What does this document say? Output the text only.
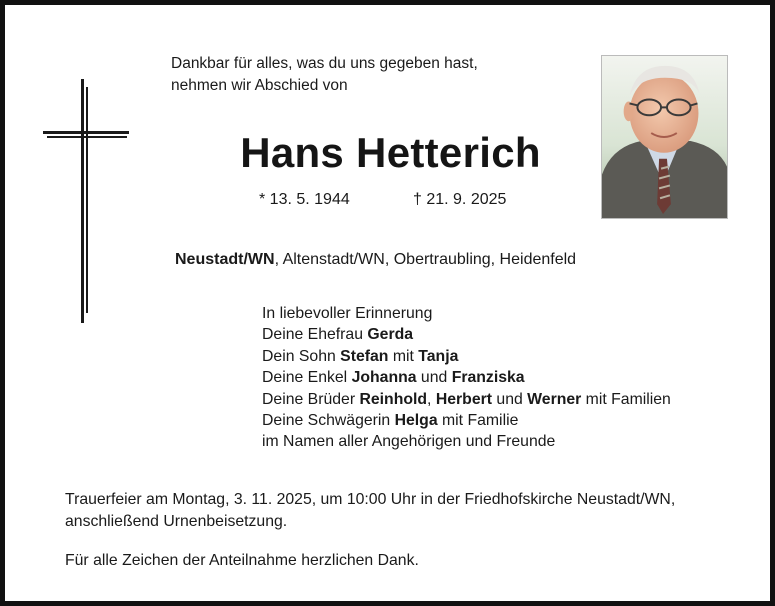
Dankbar für alles, was du uns gegeben hast,
nehmen wir Abschied von
Hans Hetterich
* 13. 5. 1944	† 21. 9. 2025
Neustadt/WN, Altenstadt/WN, Obertraubling, Heidenfeld
In liebevoller Erinnerung
Deine Ehefrau Gerda
Dein Sohn Stefan mit Tanja
Deine Enkel Johanna und Franziska
Deine Brüder Reinhold, Herbert und Werner mit Familien
Deine Schwägerin Helga mit Familie
im Namen aller Angehörigen und Freunde
Trauerfeier am Montag, 3. 11. 2025, um 10:00 Uhr in der Friedhofskirche Neustadt/WN,
anschließend Urnenbeisetzung.
Für alle Zeichen der Anteilnahme herzlichen Dank.
